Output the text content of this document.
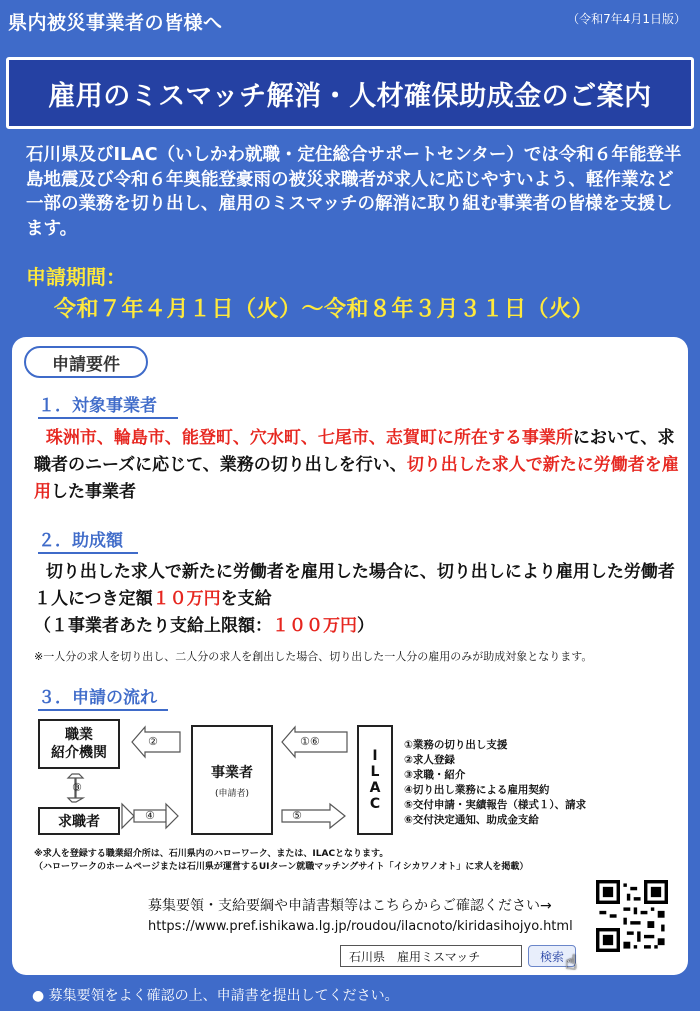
県内被災事業者の皆様へ	（令和7年4月1日版）
雇用のミスマッチ解消・人材確保助成金のご案内
石川県及びILAC（いしかわ就職・定住総合サポートセンター）では令和６年能登半島地震及び令和６年奥能登豪雨の被災求職者が求人に応じやすいよう、軽作業など一部の業務を切り出し、雇用のミスマッチの解消に取り組む事業者の皆様を支援します。
申請期間：
令和７年４月１日（火）～令和８年３月３１日（火）
申請要件
１．対象事業者
珠洲市、輪島市、能登町、穴水町、七尾市、志賀町に所在する事業所において、求職者のニーズに応じて、業務の切り出しを行い、切り出した求人で新たに労働者を雇用した事業者
２．助成額
切り出した求人で新たに労働者を雇用した場合に、切り出しにより雇用した労働者１人につき定額１０万円を支給
（１事業者あたり支給上限額：１００万円）
※一人分の求人を切り出し、二人分の求人を創出した場合、切り出した一人分の雇用のみが助成対象となります。
３．申請の流れ
②	①⑥
③
④	⑤
職業
紹介機関
求職者
事業者
(申請者)	ILAC
①業務の切り出し支援
②求人登録
③求職・紹介
④切り出し業務による雇用契約
⑤交付申請・実績報告（様式１）、請求
⑥交付決定通知、助成金支給
※求人を登録する職業紹介所は、石川県内のハローワーク、または、ILACとなります。
（ハローワークのホームページまたは石川県が運営するUIターン就職マッチングサイト「イシカワノオト」に求人を掲載）
募集要領・支給要綱や申請書類等はこちらからご確認ください→
https://www.pref.ishikawa.lg.jp/roudou/ilacnoto/kiridasihojyo.html
石川県　雇用ミスマッチ	検索 ☝
● 募集要領をよく確認の上、申請書を提出してください。
